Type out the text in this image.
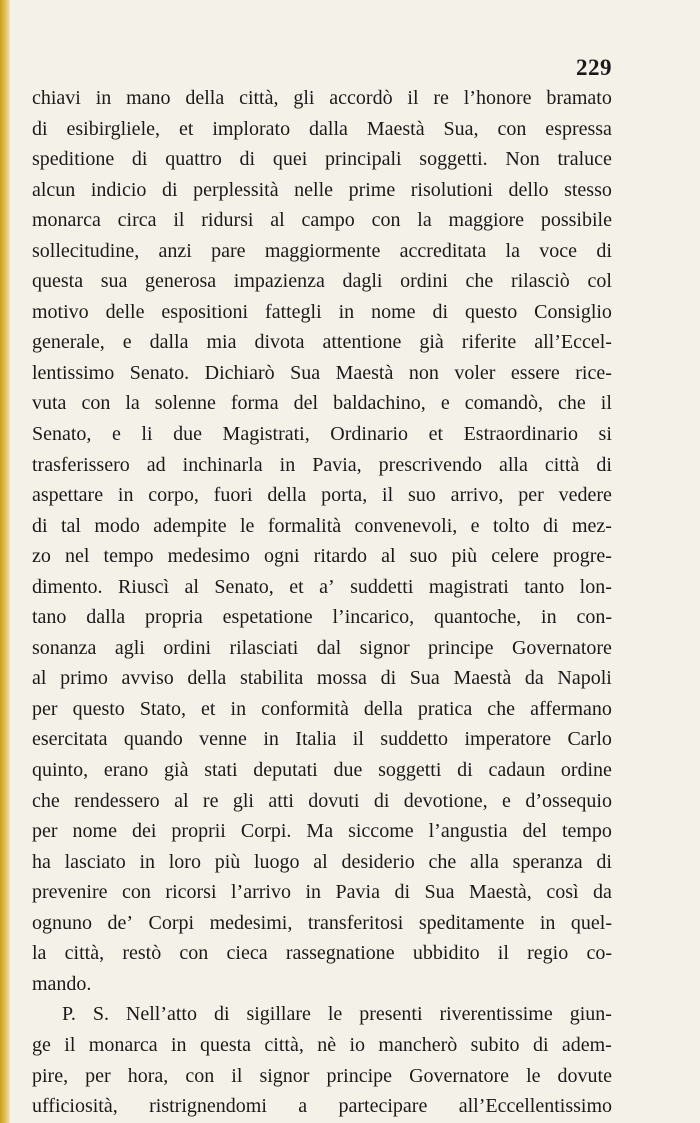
229
chiavi in mano della città, gli accordò il re l’honore bramato
di esibirgliele, et implorato dalla Maestà Sua, con espressa
speditione di quattro di quei principali soggetti. Non traluce
alcun indicio di perplessità nelle prime risolutioni dello stesso
monarca circa il ridursi al campo con la maggiore possibile
sollecitudine, anzi pare maggiormente accreditata la voce di
questa sua generosa impazienza dagli ordini che rilasciò col
motivo delle espositioni fattegli in nome di questo Consiglio
generale, e dalla mia divota attentione già riferite all’Eccel-
lentissimo Senato. Dichiarò Sua Maestà non voler essere rice-
vuta con la solenne forma del baldachino, e comandò, che il
Senato, e li due Magistrati, Ordinario et Estraordinario si
trasferissero ad inchinarla in Pavia, prescrivendo alla città di
aspettare in corpo, fuori della porta, il suo arrivo, per vedere
di tal modo adempite le formalità convenevoli, e tolto di mez-
zo nel tempo medesimo ogni ritardo al suo più celere progre-
dimento. Riuscì al Senato, et a’ suddetti magistrati tanto lon-
tano dalla propria espetatione l’incarico, quantoche, in con-
sonanza agli ordini rilasciati dal signor principe Governatore
al primo avviso della stabilita mossa di Sua Maestà da Napoli
per questo Stato, et in conformità della pratica che affermano
esercitata quando venne in Italia il suddetto imperatore Carlo
quinto, erano già stati deputati due soggetti di cadaun ordine
che rendessero al re gli atti dovuti di devotione, e d’ossequio
per nome dei proprii Corpi. Ma siccome l’angustia del tempo
ha lasciato in loro più luogo al desiderio che alla speranza di
prevenire con ricorsi l’arrivo in Pavia di Sua Maestà, così da
ognuno de’ Corpi medesimi, transferitosi speditamente in quel-
la città, restò con cieca rassegnatione ubbidito il regio co-
mando.
P. S. Nell’atto di sigillare le presenti riverentissime giun-
ge il monarca in questa città, nè io mancherò subito di adem-
pire, per hora, con il signor principe Governatore le dovute
ufficiosità, ristrignendomi a partecipare all’Eccellentissimo
